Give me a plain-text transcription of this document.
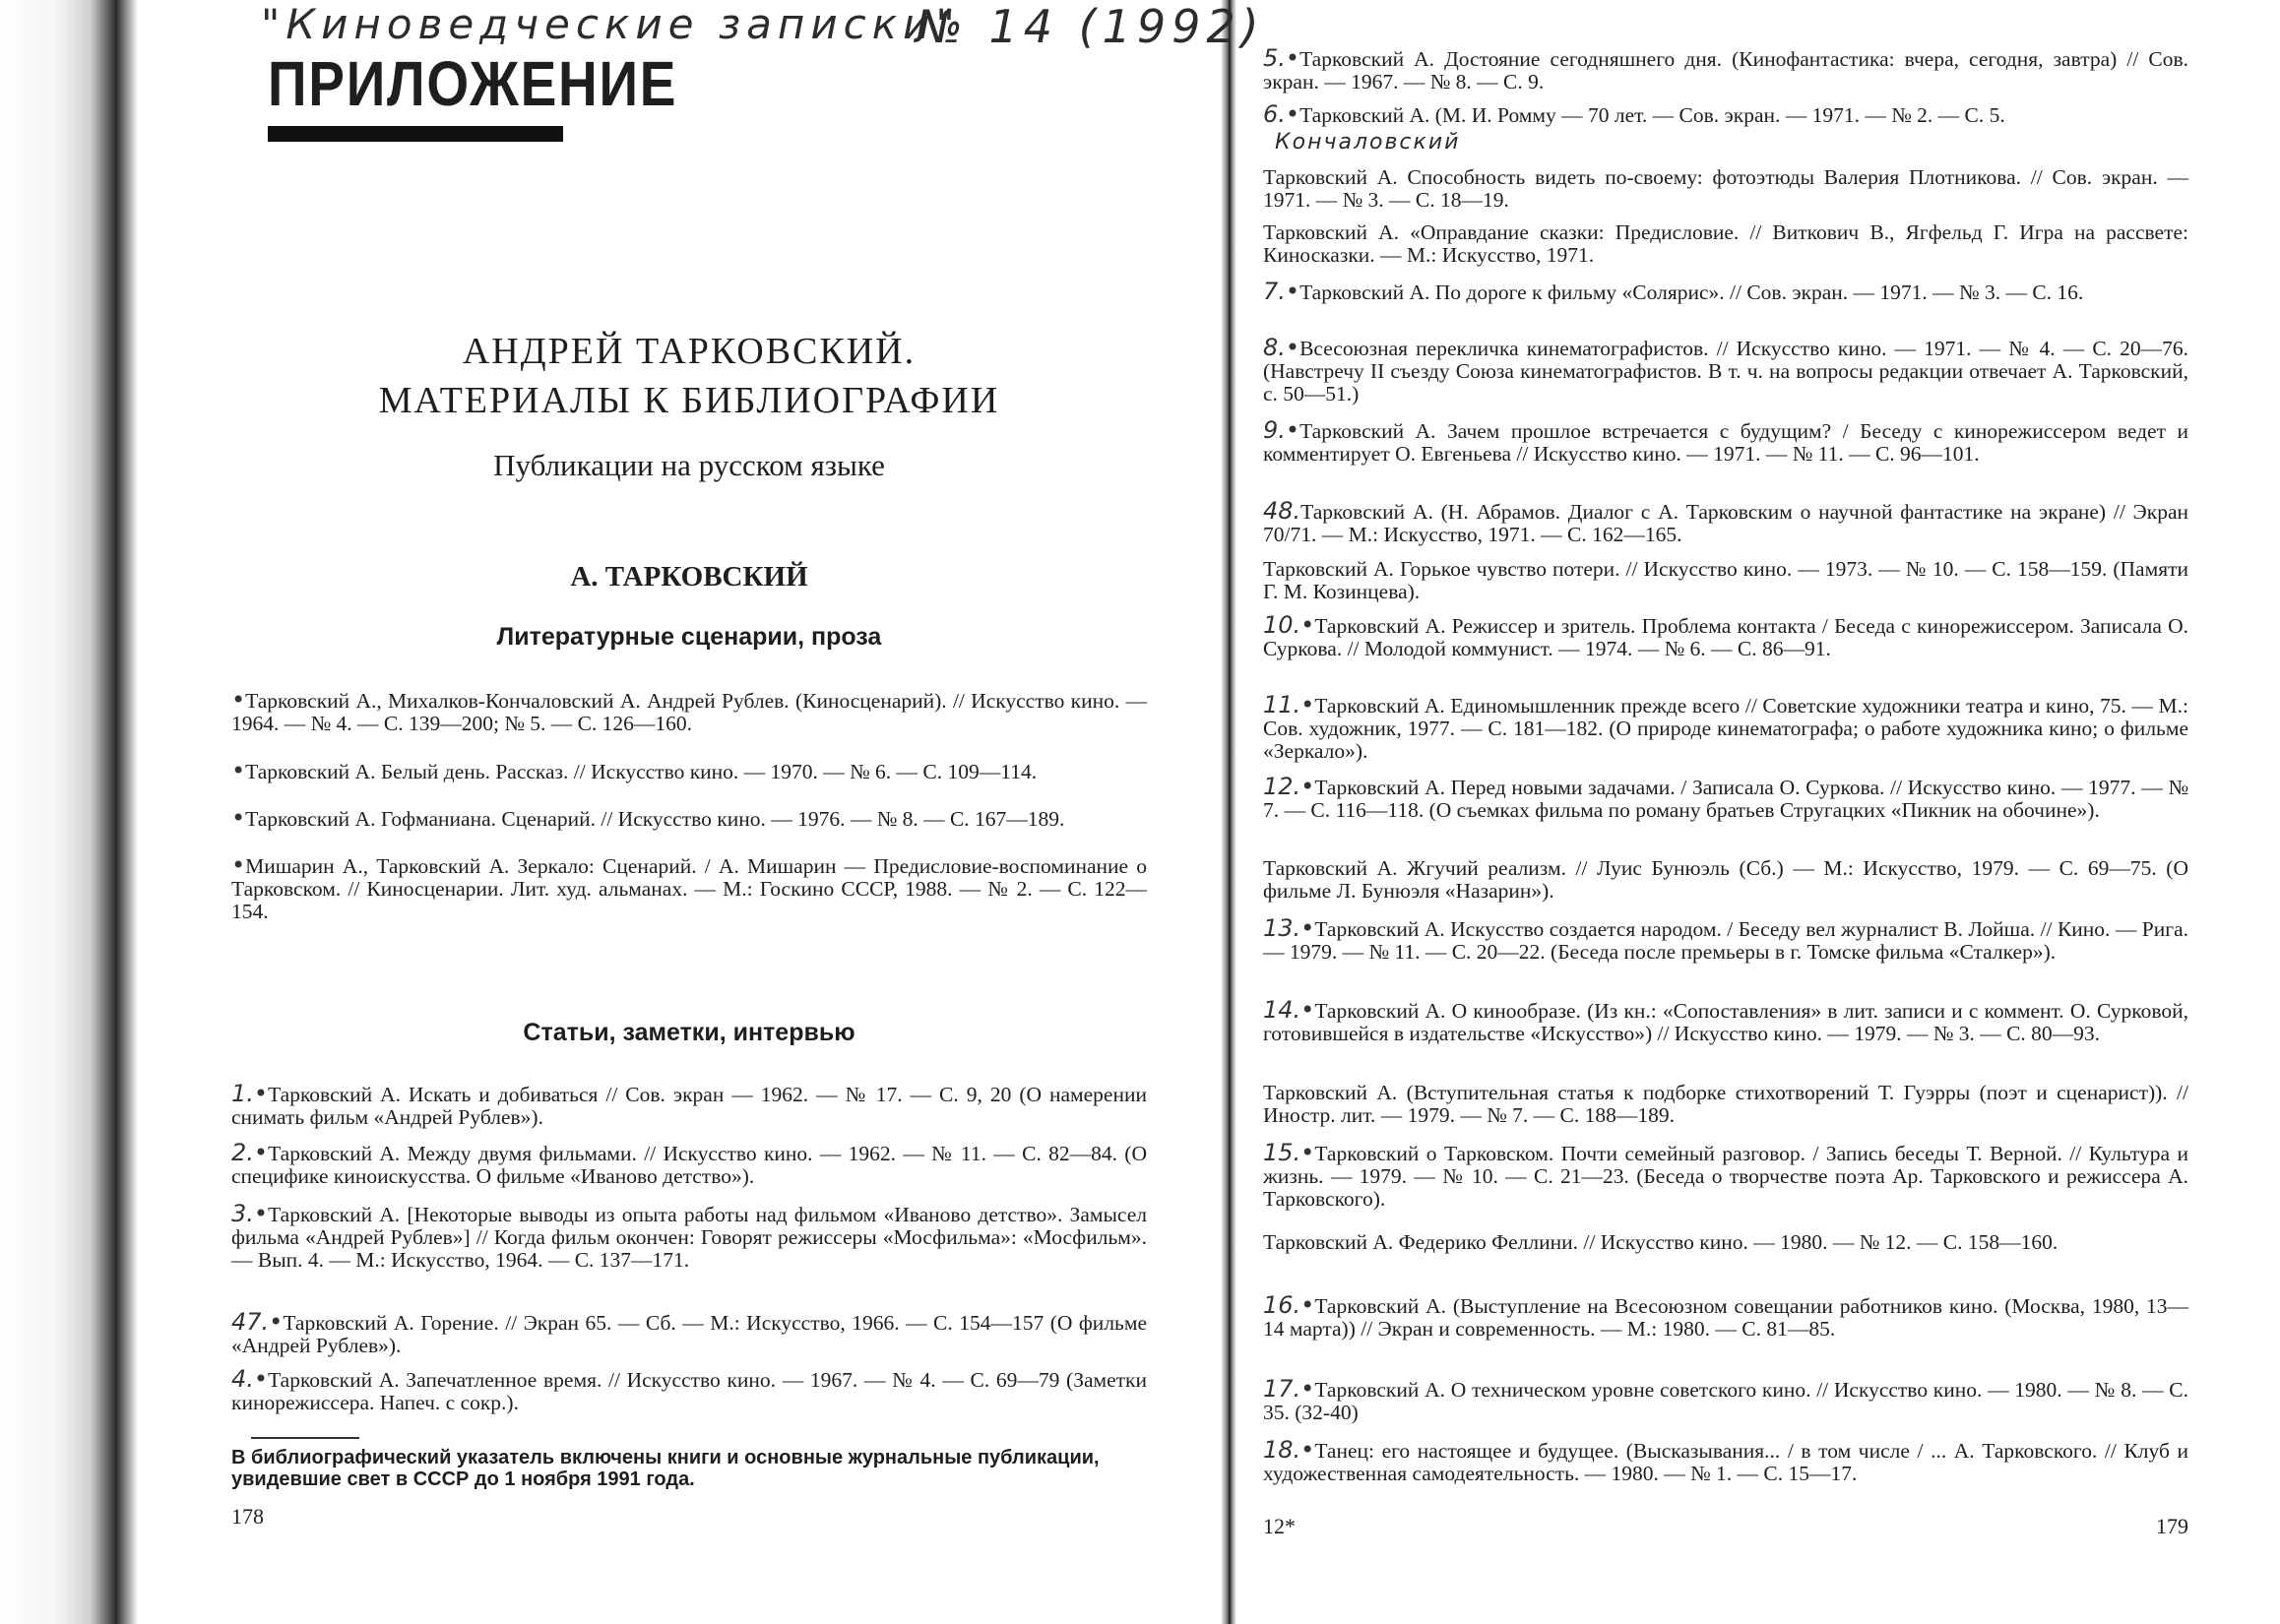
"Киноведческие записки"
№ 14 (1992)
Кончаловский
ПРИЛОЖЕНИЕ
АНДРЕЙ ТАРКОВСКИЙ.
МАТЕРИАЛЫ К БИБЛИОГРАФИИ
Публикации на русском языке
А. ТАРКОВСКИЙ
Литературные сценарии, проза
•Тарковский А., Михалков-Кончаловский А. Андрей Рублев. (Киносценарий). // Искусство кино. — 1964. — № 4. — С. 139—200; № 5. — С. 126—160.
•Тарковский А. Белый день. Рассказ. // Искусство кино. — 1970. — № 6. — С. 109—114.
•Тарковский А. Гофманиана. Сценарий. // Искусство кино. — 1976. — № 8. — С. 167—189.
•Мишарин А., Тарковский А. Зеркало: Сценарий. / А. Мишарин — Предисловие-воспоминание о Тарковском. // Киносценарии. Лит. худ. альманах. — М.: Госкино СССР, 1988. — № 2. — С. 122—154.
Статьи, заметки, интервью
1.•Тарковский А. Искать и добиваться // Сов. экран — 1962. — № 17. — С. 9, 20 (О намерении снимать фильм «Андрей Рублев»).
2.•Тарковский А. Между двумя фильмами. // Искусство кино. — 1962. — № 11. — С. 82—84. (О специфике киноискусства. О фильме «Иваново детство»).
3.•Тарковский А. [Некоторые выводы из опыта работы над фильмом «Иваново детство». Замысел фильма «Андрей Рублев»] // Когда фильм окончен: Говорят режиссеры «Мосфильма»: «Мосфильм». — Вып. 4. — М.: Искусство, 1964. — С. 137—171.
47.•Тарковский А. Горение. // Экран 65. — Сб. — М.: Искусство, 1966. — С. 154—157 (О фильме «Андрей Рублев»).
4.•Тарковский А. Запечатленное время. // Искусство кино. — 1967. — № 4. — С. 69—79 (Заметки кинорежиссера. Напеч. с сокр.).
В библиографический указатель включены книги и основные журнальные публикации, увидевшие свет в СССР до 1 ноября 1991 года.
178
5.•Тарковский А. Достояние сегодняшнего дня. (Кинофантастика: вчера, сегодня, завтра) // Сов. экран. — 1967. — № 8. — С. 9.
6.•Тарковский А. (М. И. Ромму — 70 лет. — Сов. экран. — 1971. — № 2. — С. 5.
Тарковский А. Способность видеть по-своему: фотоэтюды Валерия Плотникова. // Сов. экран. — 1971. — № 3. — С. 18—19.
Тарковский А. «Оправдание сказки: Предисловие. // Виткович В., Ягфельд Г. Игра на рассвете: Киносказки. — М.: Искусство, 1971.
7.•Тарковский А. По дороге к фильму «Солярис». // Сов. экран. — 1971. — № 3. — С. 16.
8.•Всесоюзная перекличка кинематографистов. // Искусство кино. — 1971. — № 4. — С. 20—76. (Навстречу II съезду Союза кинематографистов. В т. ч. на вопросы редакции отвечает А. Тарковский, с. 50—51.)
9.•Тарковский А. Зачем прошлое встречается с будущим? / Беседу с кинорежиссером ведет и комментирует О. Евгеньева // Искусство кино. — 1971. — № 11. — С. 96—101.
48.Тарковский А. (Н. Абрамов. Диалог с А. Тарковским о научной фантастике на экране) // Экран 70/71. — М.: Искусство, 1971. — С. 162—165.
Тарковский А. Горькое чувство потери. // Искусство кино. — 1973. — № 10. — С. 158—159. (Памяти Г. М. Козинцева).
10.•Тарковский А. Режиссер и зритель. Проблема контакта / Беседа с кинорежиссером. Записала О. Суркова. // Молодой коммунист. — 1974. — № 6. — С. 86—91.
11.•Тарковский А. Единомышленник прежде всего // Советские художники театра и кино, 75. — М.: Сов. художник, 1977. — С. 181—182. (О природе кинематографа; о работе художника кино; о фильме «Зеркало»).
12.•Тарковский А. Перед новыми задачами. / Записала О. Суркова. // Искусство кино. — 1977. — № 7. — С. 116—118. (О съемках фильма по роману братьев Стругацких «Пикник на обочине»).
Тарковский А. Жгучий реализм. // Луис Бунюэль (Сб.) — М.: Искусство, 1979. — С. 69—75. (О фильме Л. Бунюэля «Назарин»).
13.•Тарковский А. Искусство создается народом. / Беседу вел журналист В. Лойша. // Кино. — Рига. — 1979. — № 11. — С. 20—22. (Беседа после премьеры в г. Томске фильма «Сталкер»).
14.•Тарковский А. О кинообразе. (Из кн.: «Сопоставления» в лит. записи и с коммент. О. Сурковой, готовившейся в издательстве «Искусство») // Искусство кино. — 1979. — № 3. — С. 80—93.
Тарковский А. (Вступительная статья к подборке стихотворений Т. Гуэрры (поэт и сценарист)). // Иностр. лит. — 1979. — № 7. — С. 188—189.
15.•Тарковский о Тарковском. Почти семейный разговор. / Запись беседы Т. Верной. // Культура и жизнь. — 1979. — № 10. — С. 21—23. (Беседа о творчестве поэта Ар. Тарковского и режиссера А. Тарковского).
Тарковский А. Федерико Феллини. // Искусство кино. — 1980. — № 12. — С. 158—160.
16.•Тарковский А. (Выступление на Всесоюзном совещании работников кино. (Москва, 1980, 13—14 марта)) // Экран и современность. — М.: 1980. — С. 81—85.
17.•Тарковский А. О техническом уровне советского кино. // Искусство кино. — 1980. — № 8. — С. 35. (32-40)
18.•Танец: его настоящее и будущее. (Высказывания... / в том числе / ... А. Тарковского. // Клуб и художественная самодеятельность. — 1980. — № 1. — С. 15—17.
12*	179
